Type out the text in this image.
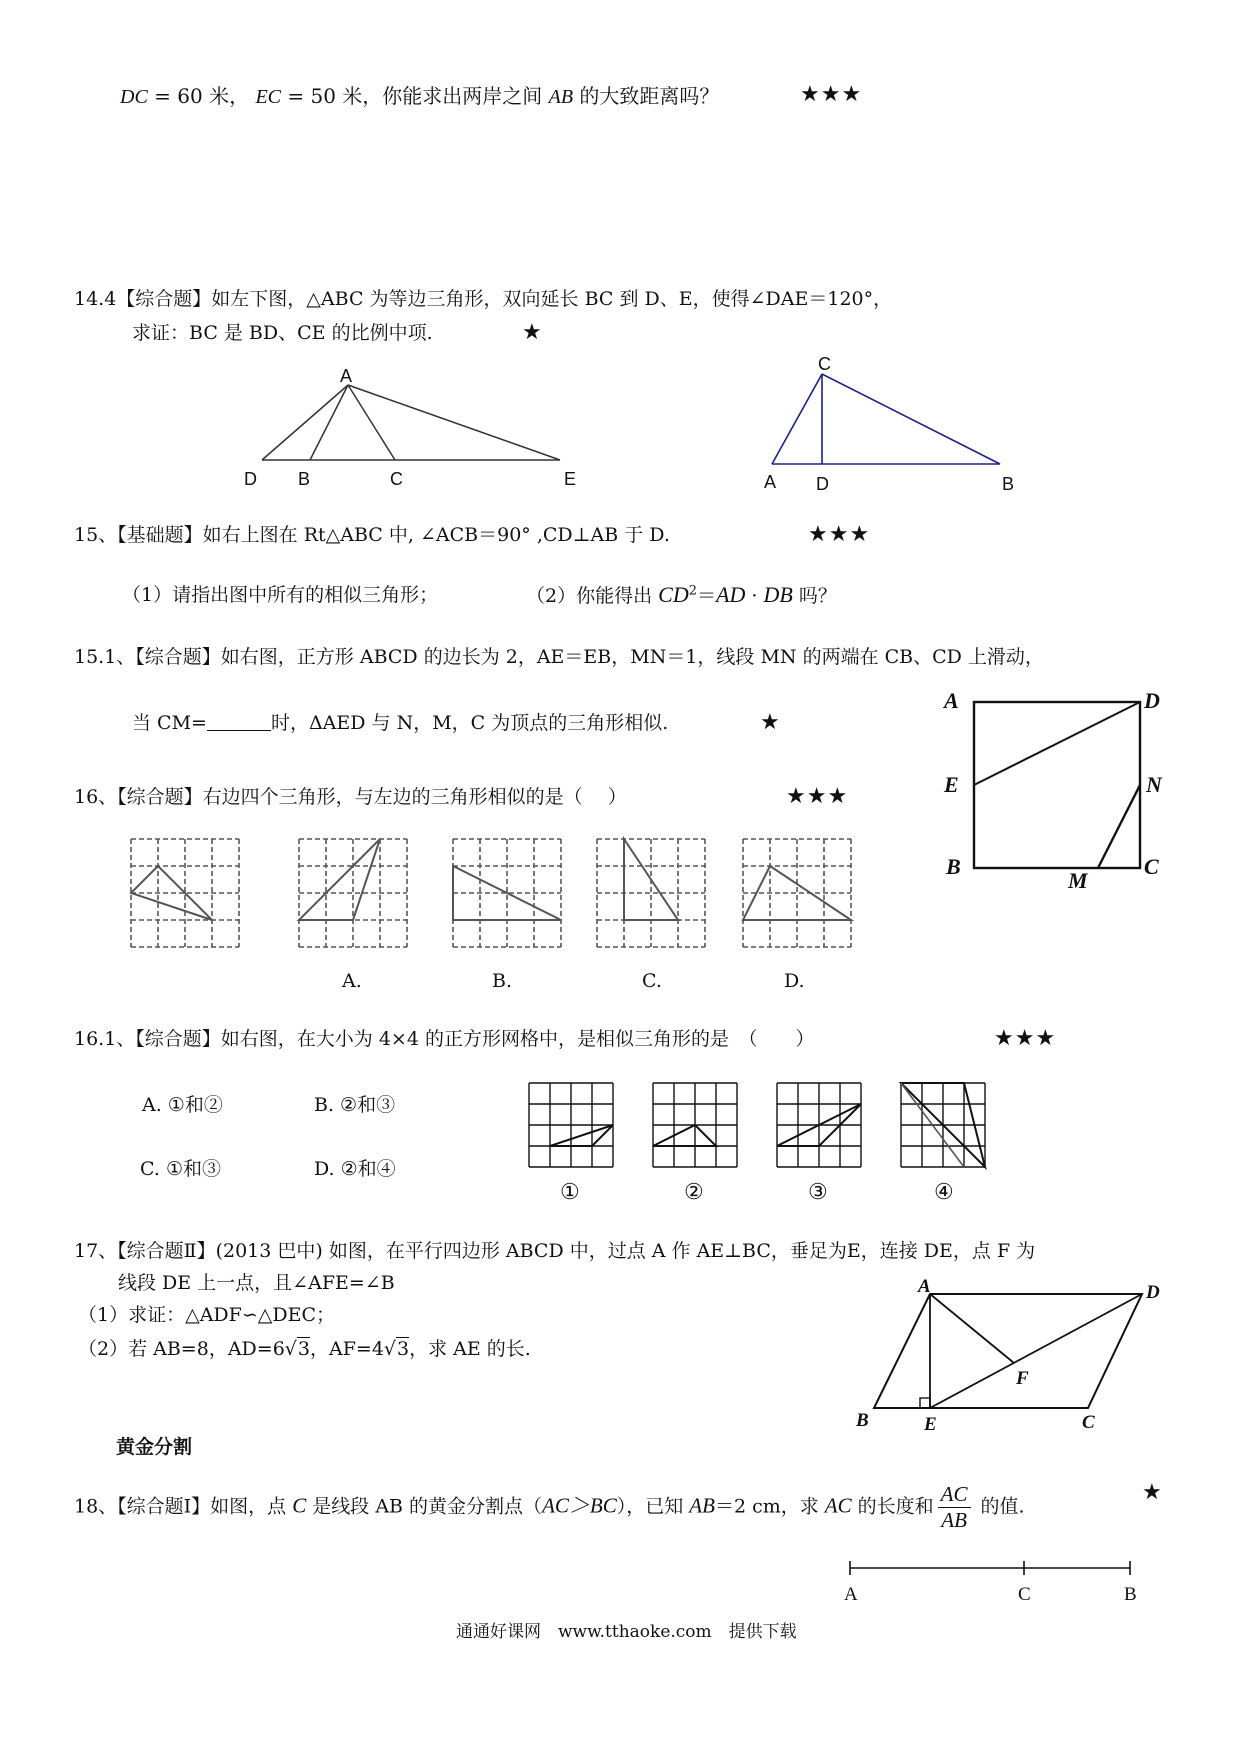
DC = 60 米， EC = 50 米，你能求出两岸之间 AB 的大致距离吗？	★★★
14.4【综合题】如左下图，△ABC 为等边三角形，双向延长 BC 到 D、E，使得∠DAE＝120°，
求证：BC 是 BD、CE 的比例中项.	★
A
D B	C	E
C
A D	B
15、【基础题】如右上图在 Rt△ABC 中, ∠ACB＝90° ,CD⊥AB 于 D.	★★★
（1）请指出图中所有的相似三角形；	（2）你能得出 $CD^2=AD$ · DB 吗？
15.1、【综合题】如右图，正方形 ABCD 的边长为 2，AE＝EB，MN＝1，线段 MN 的两端在 CB、CD 上滑动，
当 CM=	时，ΔAED 与 N，M，C 为顶点的三角形相似.	★
A	D
E	N
B
M
C
16、【综合题】右边四个三角形，与左边的三角形相似的是（　 ）	★★★
A.	B.	C.	D.
16.1、【综合题】如右图，在大小为 4×4 的正方形网格中，是相似三角形的是　（　　）	★★★
A. ①和②	B. ②和③
C. ①和③	D. ②和④
①	②	③	④
17、【综合题Ⅱ】(2013 巴中) 如图，在平行四边形 ABCD 中，过点 A 作 AE⊥BC，垂足为E，连接 DE，点 F 为
线段 DE 上一点，且∠AFE=∠B
（1）求证：△ADF∽△DEC；
（2）若 AB=8，AD=6√3，AF=4√3，求 AE 的长.
A	D
F
B	E	C
黄金分割
18、【综合题Ⅰ】如图，点 C 是线段 AB 的黄金分割点（AC＞BC），已知 AB＝2 cm，求 AC 的长度和 $\frac{AC}{AB}$ 的值.
★
A	C	B
通通好课网　www.tthaoke.com　提供下载
